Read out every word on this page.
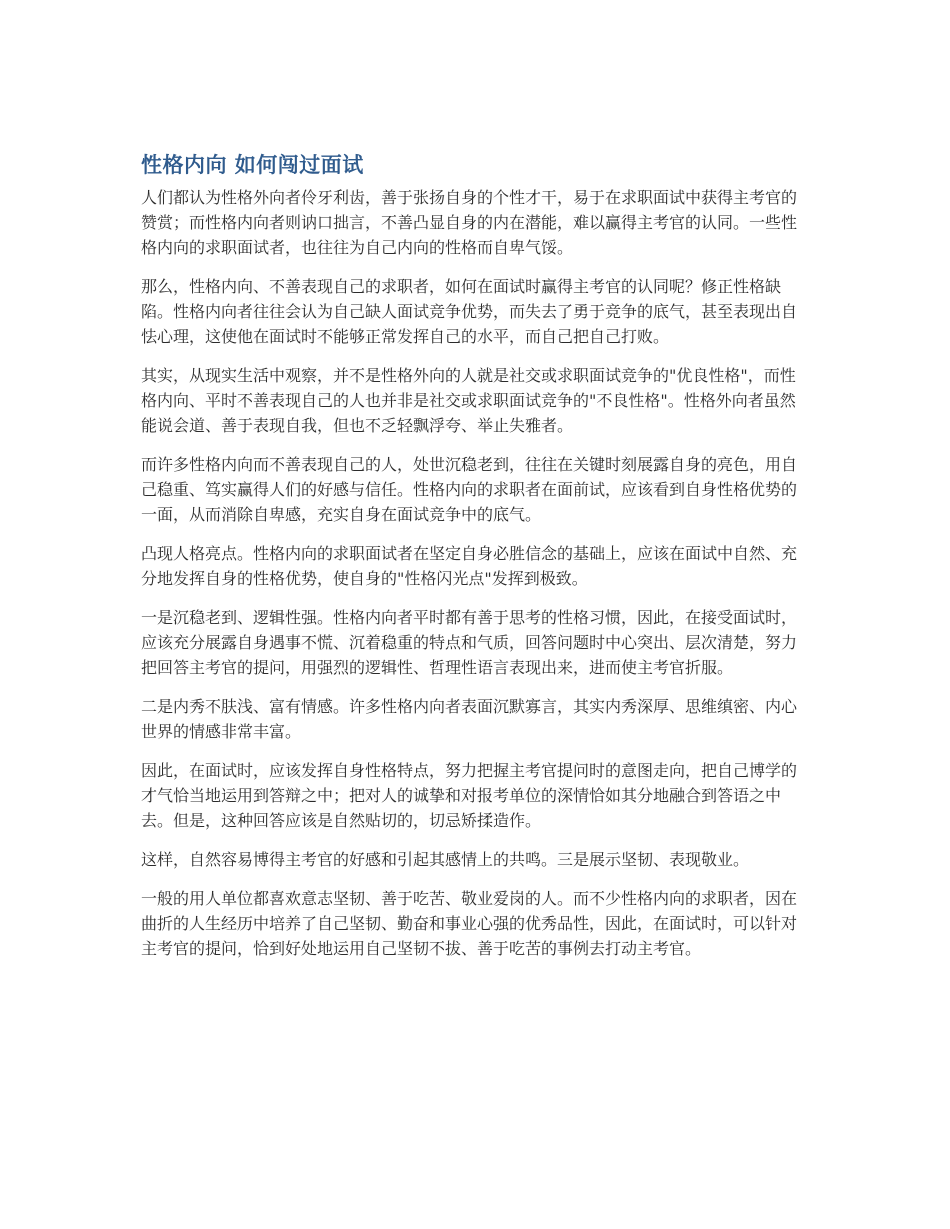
性格内向 如何闯过面试

人们都认为性格外向者伶牙利齿，善于张扬自身的个性才干，易于在求职面试中获得主考官的赞赏；而性格内向者则讷口拙言，不善凸显自身的内在潜能，难以赢得主考官的认同。一些性格内向的求职面试者，也往往为自己内向的性格而自卑气馁。

那么，性格内向、不善表现自己的求职者，如何在面试时赢得主考官的认同呢？修正性格缺陷。性格内向者往往会认为自己缺人面试竞争优势，而失去了勇于竞争的底气，甚至表现出自怯心理，这使他在面试时不能够正常发挥自己的水平，而自己把自己打败。

其实，从现实生活中观察，并不是性格外向的人就是社交或求职面试竞争的"优良性格"，而性格内向、平时不善表现自己的人也并非是社交或求职面试竞争的"不良性格"。性格外向者虽然能说会道、善于表现自我，但也不乏轻飘浮夸、举止失雅者。

而许多性格内向而不善表现自己的人，处世沉稳老到，往往在关键时刻展露自身的亮色，用自己稳重、笃实赢得人们的好感与信任。性格内向的求职者在面前试，应该看到自身性格优势的一面，从而消除自卑感，充实自身在面试竞争中的底气。

凸现人格亮点。性格内向的求职面试者在坚定自身必胜信念的基础上，应该在面试中自然、充分地发挥自身的性格优势，使自身的"性格闪光点"发挥到极致。

一是沉稳老到、逻辑性强。性格内向者平时都有善于思考的性格习惯，因此，在接受面试时，应该充分展露自身遇事不慌、沉着稳重的特点和气质，回答问题时中心突出、层次清楚，努力把回答主考官的提问，用强烈的逻辑性、哲理性语言表现出来，进而使主考官折服。

二是内秀不肤浅、富有情感。许多性格内向者表面沉默寡言，其实内秀深厚、思维缜密、内心世界的情感非常丰富。

因此，在面试时，应该发挥自身性格特点，努力把握主考官提问时的意图走向，把自己博学的才气恰当地运用到答辩之中；把对人的诚挚和对报考单位的深情恰如其分地融合到答语之中去。但是，这种回答应该是自然贴切的，切忌矫揉造作。

这样，自然容易博得主考官的好感和引起其感情上的共鸣。三是展示坚韧、表现敬业。

一般的用人单位都喜欢意志坚韧、善于吃苦、敬业爱岗的人。而不少性格内向的求职者，因在曲折的人生经历中培养了自己坚韧、勤奋和事业心强的优秀品性，因此，在面试时，可以针对主考官的提问，恰到好处地运用自己坚韧不拔、善于吃苦的事例去打动主考官。
